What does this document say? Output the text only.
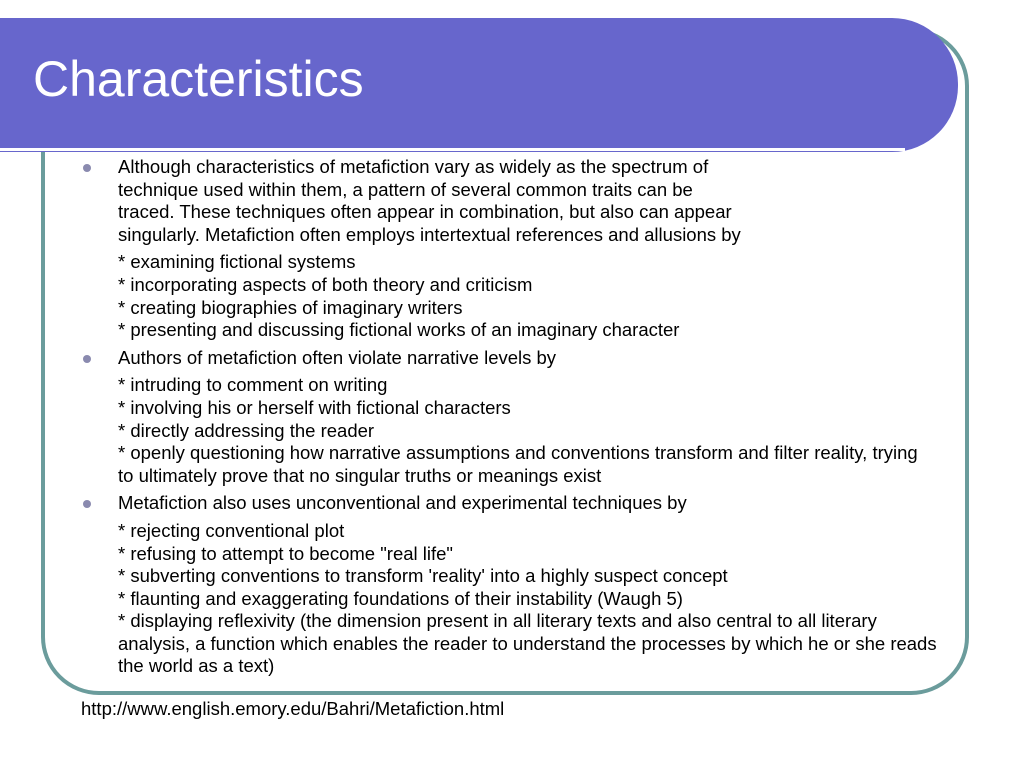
Characteristics
Although characteristics of metafiction vary as widely as the spectrum of
technique used within them, a pattern of several common traits can be
traced. These techniques often appear in combination, but also can appear
singularly. Metafiction often employs intertextual references and allusions by
* examining fictional systems
* incorporating aspects of both theory and criticism
* creating biographies of imaginary writers
* presenting and discussing fictional works of an imaginary character
Authors of metafiction often violate narrative levels by
* intruding to comment on writing
* involving his or herself with fictional characters
* directly addressing the reader
* openly questioning how narrative assumptions and conventions transform and filter reality, trying to ultimately prove that no singular truths or meanings exist
Metafiction also uses unconventional and experimental techniques by
* rejecting conventional plot
* refusing to attempt to become "real life"
* subverting conventions to transform 'reality' into a highly suspect concept
* flaunting and exaggerating foundations of their instability (Waugh 5)
* displaying reflexivity (the dimension present in all literary texts and also central to all literary analysis, a function which enables the reader to understand the processes by which he or she reads the world as a text)
http://www.english.emory.edu/Bahri/Metafiction.html
